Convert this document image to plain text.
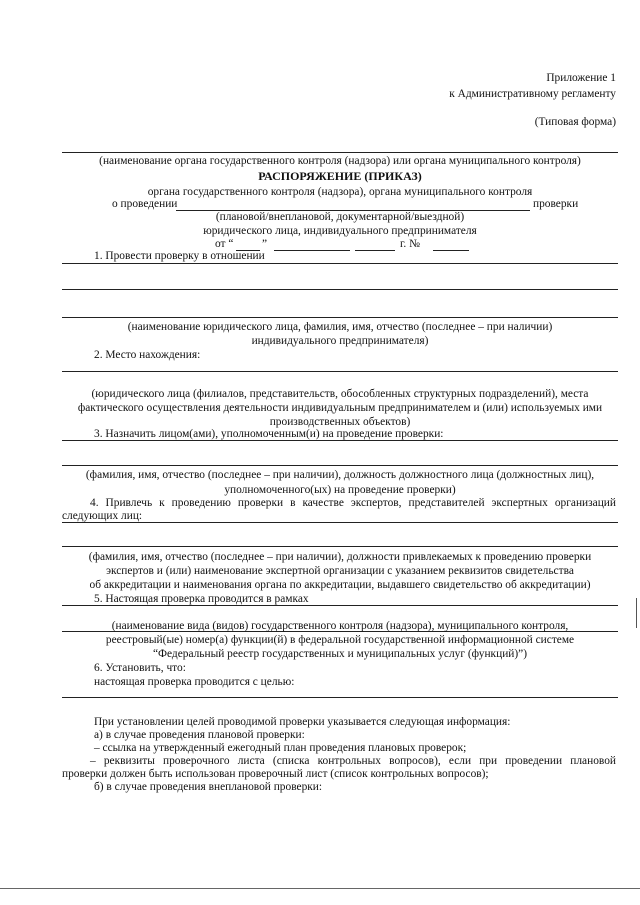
Приложение 1
к Административному регламенту
(Типовая форма)
(наименование органа государственного контроля (надзора) или органа муниципального контроля)
РАСПОРЯЖЕНИЕ (ПРИКАЗ)
органа государственного контроля (надзора), органа муниципального контроля
о проведении	проверки
(плановой/внеплановой, документарной/выездной)
юридического лица, индивидуального предпринимателя
от “	”	г. №
1. Провести проверку в отношении
(наименование юридического лица, фамилия, имя, отчество (последнее – при наличии)
индивидуального предпринимателя)
2. Место нахождения:
(юридического лица (филиалов, представительств, обособленных структурных подразделений), места
фактического осуществления деятельности индивидуальным предпринимателем и (или) используемых ими
производственных объектов)
3. Назначить лицом(ами), уполномоченным(и) на проведение проверки:
(фамилия, имя, отчество (последнее – при наличии), должность должностного лица (должностных лиц),
уполномоченного(ых) на проведение проверки)
4. Привлечь к проведению проверки в качестве экспертов, представителей экспертных организаций
следующих лиц:
(фамилия, имя, отчество (последнее – при наличии), должности привлекаемых к проведению проверки
экспертов и (или) наименование экспертной организации с указанием реквизитов свидетельства
об аккредитации и наименования органа по аккредитации, выдавшего свидетельство об аккредитации)
5. Настоящая проверка проводится в рамках
(наименование вида (видов) государственного контроля (надзора), муниципального контроля,
реестровый(ые) номер(а) функции(й) в федеральной государственной информационной системе
“Федеральный реестр государственных и муниципальных услуг (функций)”)
6. Установить, что:
настоящая проверка проводится с целью:
При установлении целей проводимой проверки указывается следующая информация:
а) в случае проведения плановой проверки:
– ссылка на утвержденный ежегодный план проведения плановых проверок;
– реквизиты проверочного листа (списка контрольных вопросов), если при проведении плановой
проверки должен быть использован проверочный лист (список контрольных вопросов);
б) в случае проведения внеплановой проверки:
